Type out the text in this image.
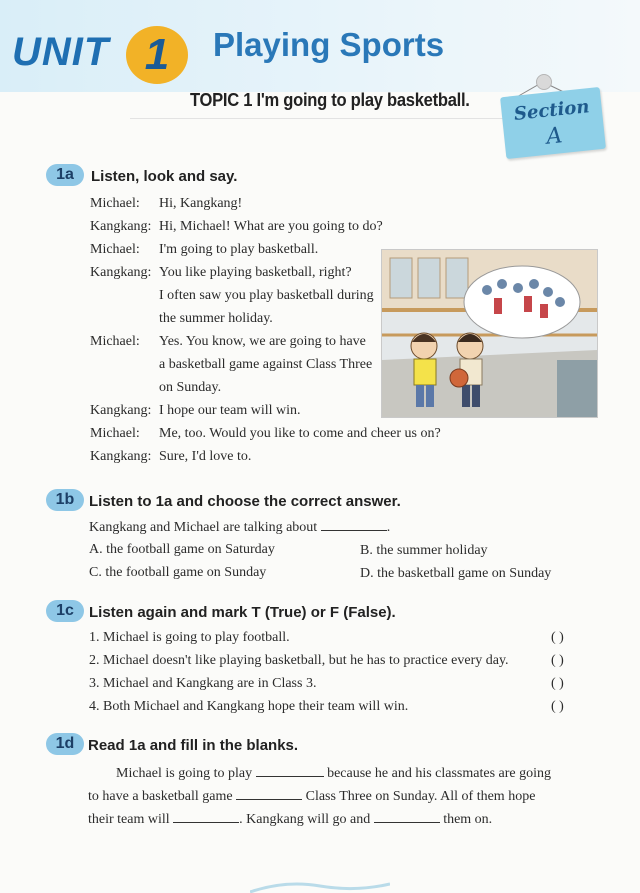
UNIT 1	Playing Sports
TOPIC 1 I'm going to play basketball.	Section
A
1a	Listen, look and say.
Michael: Hi, Kangkang!
Kangkang: Hi, Michael! What are you going to do?
Michael: I'm going to play basketball.
Kangkang: You like playing basketball, right?
I often saw you play basketball during
the summer holiday.
Michael: Yes. You know, we are going to have
a basketball game against Class Three
on Sunday.
Kangkang: I hope our team will win.
Michael: Me, too. Would you like to come and cheer us on?
Kangkang: Sure, I'd love to.
1b Listen to 1a and choose the correct answer.
Kangkang and Michael are talking about	.
A. the football game on Saturday	B. the summer holiday
C. the football game on Sunday	D. the basketball game on Sunday
1c	Listen again and mark T (True) or F (False).
1. Michael is going to play football.	( )
2. Michael doesn't like playing basketball, but he has to practice every day.	( )
3. Michael and Kangkang are in Class 3.	( )
4. Both Michael and Kangkang hope their team will win.	( )
1d Read 1a and fill in the blanks.
Michael is going to play	because he and his classmates are going
to have a basketball game	Class Three on Sunday. All of them hope
their team will	. Kangkang will go and	them on.
